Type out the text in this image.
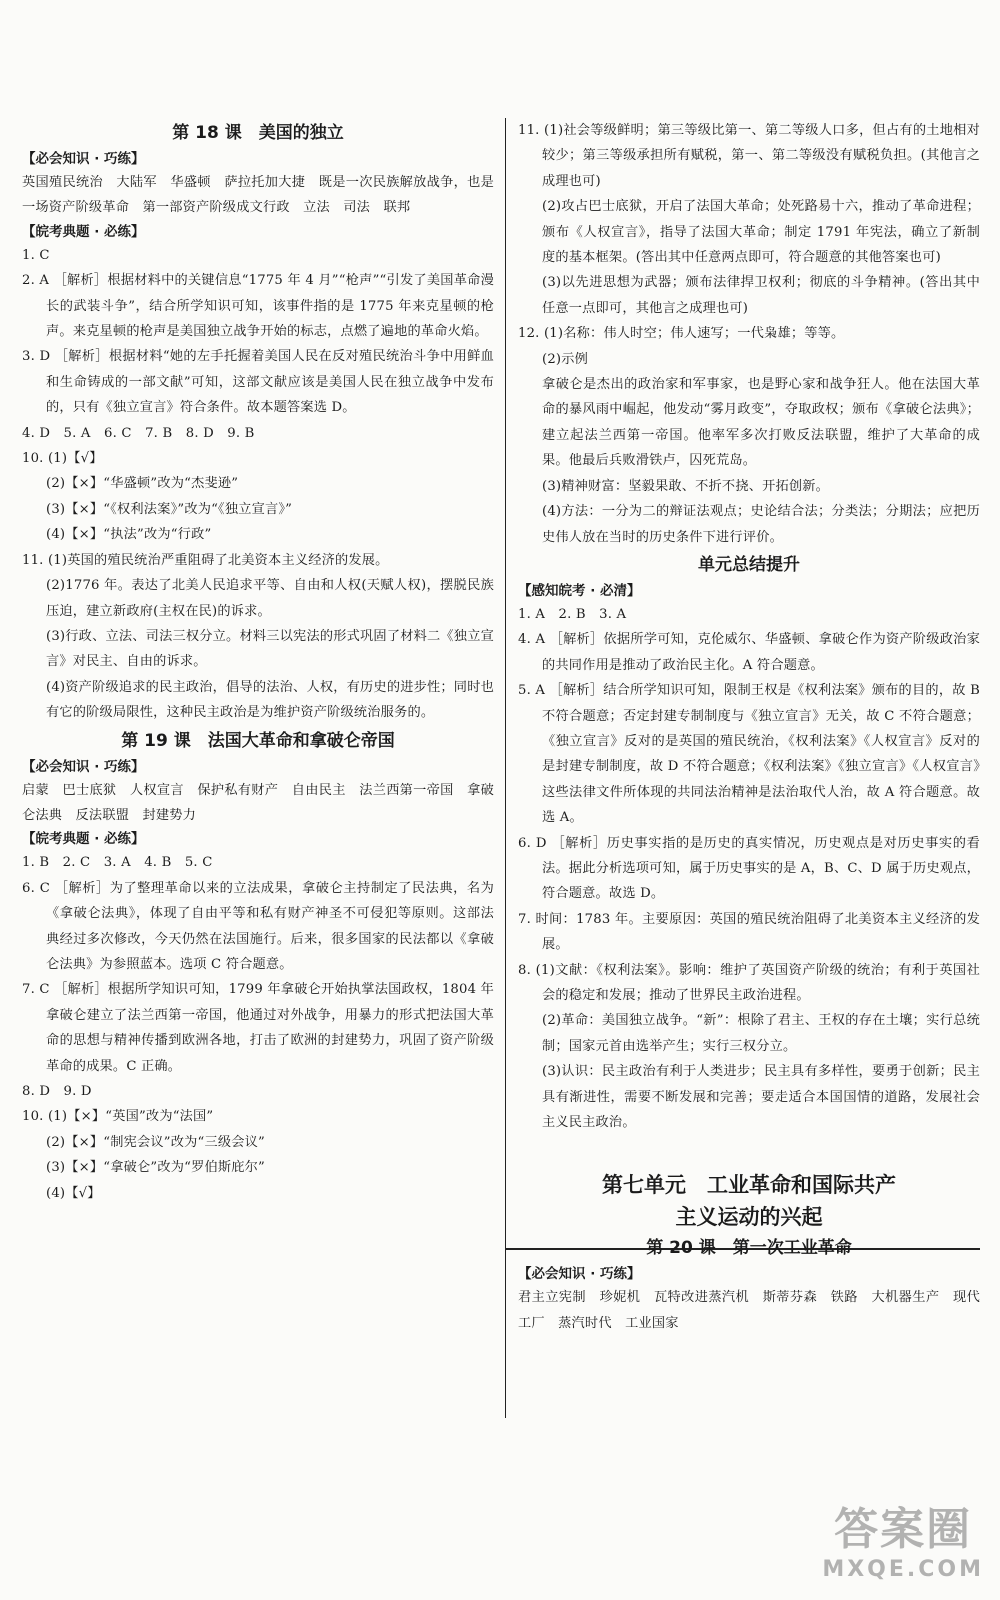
第 18 课　美国的独立
【必会知识 · 巧练】

英国殖民统治　大陆军　华盛顿　萨拉托加大捷　既是一次民族解放战争，也是一场资产阶级革命　第一部资产阶级成文行政　立法　司法　联邦

【皖考典题 · 必练】

1. C

2. A ［解析］根据材料中的关键信息“1775 年 4 月”“枪声”“引发了美国革命漫长的武装斗争”，结合所学知识可知，该事件指的是 1775 年来克星顿的枪声。来克星顿的枪声是美国独立战争开始的标志，点燃了遍地的革命火焰。

3. D ［解析］根据材料“她的左手托握着美国人民在反对殖民统治斗争中用鲜血和生命铸成的一部文献”可知，这部文献应该是美国人民在独立战争中发布的，只有《独立宣言》符合条件。故本题答案选 D。

4. D　5. A　6. C　7. B　8. D　9. B

10. (1)【√】

(2)【×】“华盛顿”改为“杰斐逊”

(3)【×】“《权利法案》”改为“《独立宣言》”

(4)【×】“执法”改为“行政”

11. (1)英国的殖民统治严重阻碍了北美资本主义经济的发展。

(2)1776 年。表达了北美人民追求平等、自由和人权(天赋人权)，摆脱民族压迫，建立新政府(主权在民)的诉求。

(3)行政、立法、司法三权分立。材料三以宪法的形式巩固了材料二《独立宣言》对民主、自由的诉求。

(4)资产阶级追求的民主政治，倡导的法治、人权，有历史的进步性；同时也有它的阶级局限性，这种民主政治是为维护资产阶级统治服务的。

第 19 课　法国大革命和拿破仑帝国
【必会知识 · 巧练】

启蒙　巴士底狱　人权宣言　保护私有财产　自由民主　法兰西第一帝国　拿破仑法典　反法联盟　封建势力

【皖考典题 · 必练】

1. B　2. C　3. A　4. B　5. C

6. C ［解析］为了整理革命以来的立法成果，拿破仑主持制定了民法典，名为《拿破仑法典》，体现了自由平等和私有财产神圣不可侵犯等原则。这部法典经过多次修改，今天仍然在法国施行。后来，很多国家的民法都以《拿破仑法典》为参照蓝本。选项 C 符合题意。

7. C ［解析］根据所学知识可知，1799 年拿破仑开始执掌法国政权，1804 年拿破仑建立了法兰西第一帝国，他通过对外战争，用暴力的形式把法国大革命的思想与精神传播到欧洲各地，打击了欧洲的封建势力，巩固了资产阶级革命的成果。C 正确。

8. D　9. D

10. (1)【×】“英国”改为“法国”

(2)【×】“制宪会议”改为“三级会议”

(3)【×】“拿破仑”改为“罗伯斯庇尔”

(4)【√】

11. (1)社会等级鲜明；第三等级比第一、第二等级人口多，但占有的土地相对较少；第三等级承担所有赋税，第一、第二等级没有赋税负担。(其他言之成理也可)

(2)攻占巴士底狱，开启了法国大革命；处死路易十六，推动了革命进程；颁布《人权宣言》，指导了法国大革命；制定 1791 年宪法，确立了新制度的基本框架。(答出其中任意两点即可，符合题意的其他答案也可)

(3)以先进思想为武器；颁布法律捍卫权利；彻底的斗争精神。(答出其中任意一点即可，其他言之成理也可)

12. (1)名称：伟人时空；伟人速写；一代枭雄；等等。

(2)示例

拿破仑是杰出的政治家和军事家，也是野心家和战争狂人。他在法国大革命的暴风雨中崛起，他发动“雾月政变”，夺取政权；颁布《拿破仑法典》；建立起法兰西第一帝国。他率军多次打败反法联盟，维护了大革命的成果。他最后兵败滑铁卢，囚死荒岛。

(3)精神财富：坚毅果敢、不折不挠、开拓创新。

(4)方法：一分为二的辩证法观点；史论结合法；分类法；分期法；应把历史伟人放在当时的历史条件下进行评价。

单元总结提升
【感知皖考 · 必清】

1. A　2. B　3. A

4. A ［解析］依据所学可知，克伦威尔、华盛顿、拿破仑作为资产阶级政治家的共同作用是推动了政治民主化。A 符合题意。

5. A ［解析］结合所学知识可知，限制王权是《权利法案》颁布的目的，故 B 不符合题意；否定封建专制制度与《独立宣言》无关，故 C 不符合题意；《独立宣言》反对的是英国的殖民统治，《权利法案》《人权宣言》反对的是封建专制制度，故 D 不符合题意；《权利法案》《独立宣言》《人权宣言》这些法律文件所体现的共同法治精神是法治取代人治，故 A 符合题意。故选 A。

6. D ［解析］历史事实指的是历史的真实情况，历史观点是对历史事实的看法。据此分析选项可知，属于历史事实的是 A，B、C、D 属于历史观点，符合题意。故选 D。

7. 时间：1783 年。主要原因：英国的殖民统治阻碍了北美资本主义经济的发展。

8. (1)文献：《权利法案》。影响：维护了英国资产阶级的统治；有利于英国社会的稳定和发展；推动了世界民主政治进程。

(2)革命：美国独立战争。“新”：根除了君主、王权的存在土壤；实行总统制；国家元首由选举产生；实行三权分立。

(3)认识：民主政治有利于人类进步；民主具有多样性，要勇于创新；民主具有渐进性，需要不断发展和完善；要走适合本国国情的道路，发展社会主义民主政治。

第七单元　工业革命和国际共产
主义运动的兴起
第 20 课　第一次工业革命
【必会知识 · 巧练】

君主立宪制　珍妮机　瓦特改进蒸汽机　斯蒂芬森　铁路　大机器生产　现代工厂　蒸汽时代　工业国家

答案圈
MXQE.COM
